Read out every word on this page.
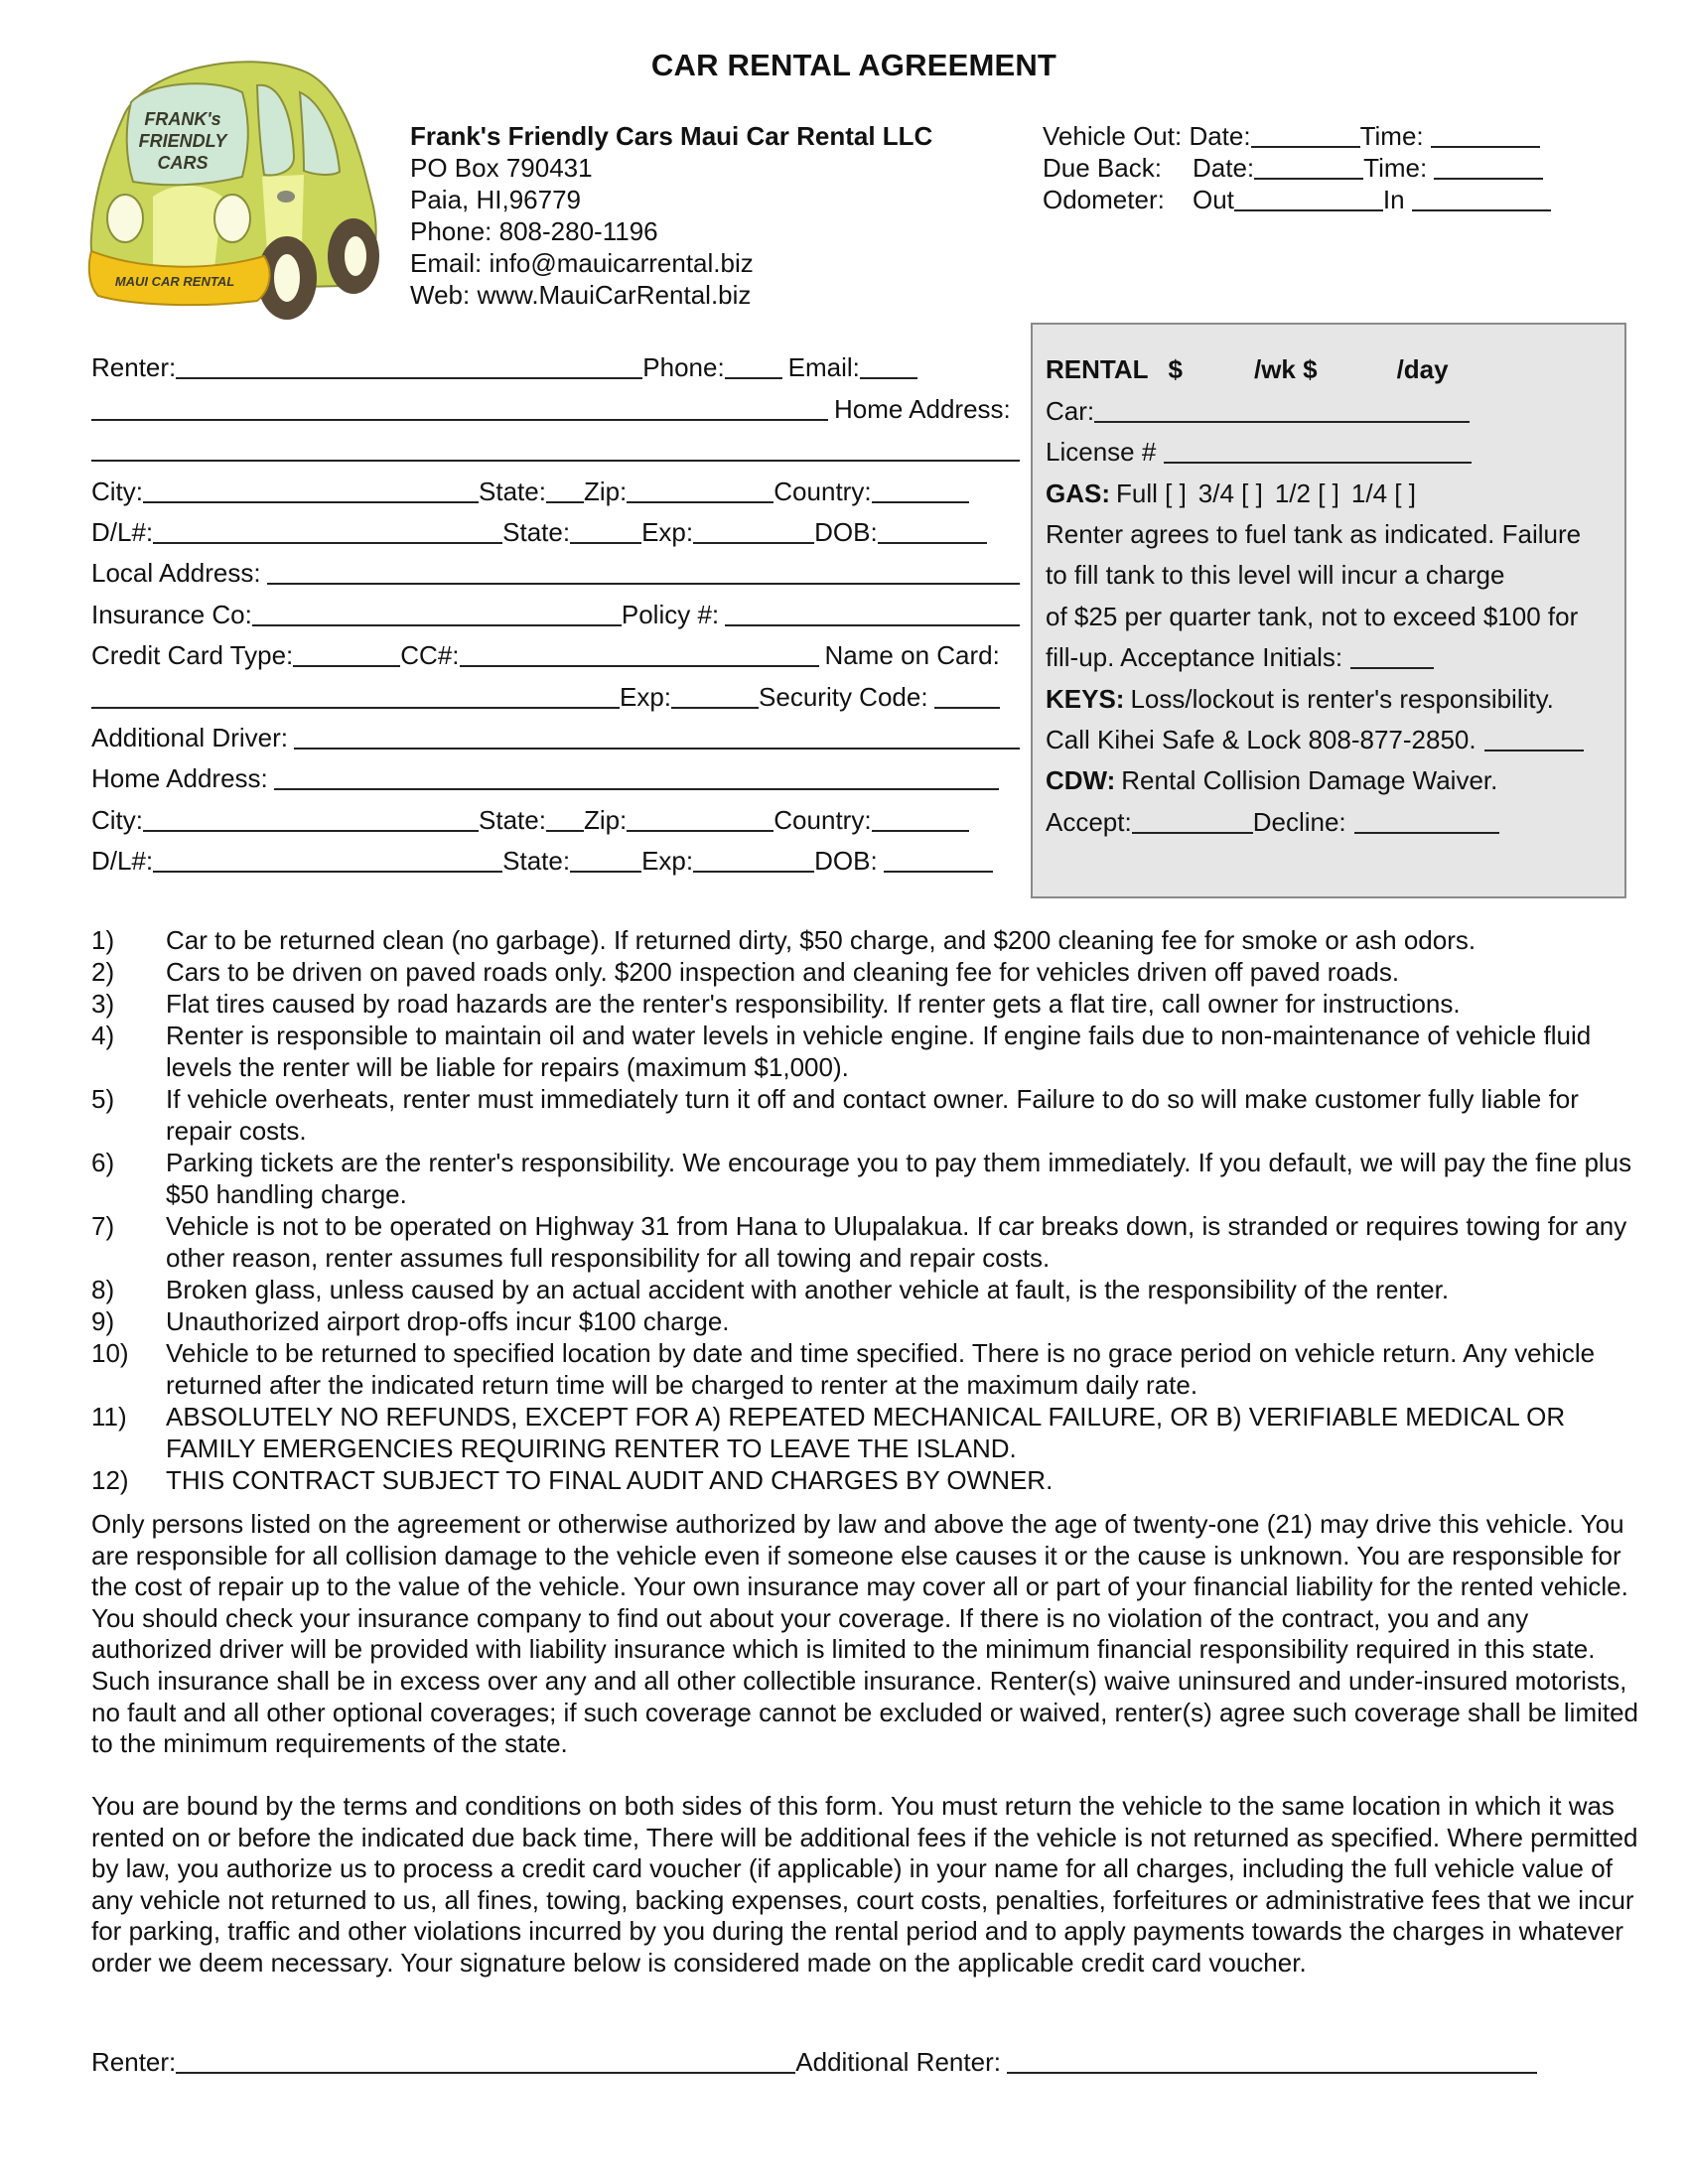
CAR RENTAL AGREEMENT
FRANK's
FRIENDLY
CARS
MAUI CAR RENTAL
Frank's Friendly Cars Maui Car Rental LLC
PO Box 790431
Paia, HI,96779
Phone: 808-280-1196
Email: info@mauicarrental.biz
Web: www.MauiCarRental.biz
Vehicle Out: Date:	Time:
Due Back: Date:	Time:
Odometer: Out	In
RENTAL $	/wk $	/day
Car:
License #
GAS: Full [ ] 3/4 [ ] 1/2 [ ] 1/4 [ ]
Renter agrees to fuel tank as indicated. Failure
to fill tank to this level will incur a charge
of $25 per quarter tank, not to exceed $100 for
fill-up. Acceptance Initials:
KEYS: Loss/lockout is renter's responsibility.
Call Kihei Safe & Lock 808-877-2850.
CDW: Rental Collision Damage Waiver.
Accept:	Decline:
Renter:	Phone: Email:
Home Address:
City:	State: Zip:	Country:
D/L#:	State:	Exp:	DOB:
Local Address:
Insurance Co:	Policy #:
Credit Card Type:	CC#:	Name on Card:
Exp:	Security Code:
Additional Driver:
Home Address:
City:	State: Zip:	Country:
D/L#:	State:	Exp:	DOB:
1)	Car to be returned clean (no garbage). If returned dirty, $50 charge, and $200 cleaning fee for smoke or ash odors.
2)	Cars to be driven on paved roads only. $200 inspection and cleaning fee for vehicles driven off paved roads.
3)	Flat tires caused by road hazards are the renter's responsibility. If renter gets a flat tire, call owner for instructions.
4)	Renter is responsible to maintain oil and water levels in vehicle engine. If engine fails due to non-maintenance of vehicle fluid levels the renter will be liable for repairs (maximum $1,000).
5)	If vehicle overheats, renter must immediately turn it off and contact owner. Failure to do so will make customer fully liable for repair costs.
6)	Parking tickets are the renter's responsibility. We encourage you to pay them immediately. If you default, we will pay the fine plus $50 handling charge.
7)	Vehicle is not to be operated on Highway 31 from Hana to Ulupalakua. If car breaks down, is stranded or requires towing for any other reason, renter assumes full responsibility for all towing and repair costs.
8)	Broken glass, unless caused by an actual accident with another vehicle at fault, is the responsibility of the renter.
9)	Unauthorized airport drop-offs incur $100 charge.
10)	Vehicle to be returned to specified location by date and time specified. There is no grace period on vehicle return. Any vehicle returned after the indicated return time will be charged to renter at the maximum daily rate.
11)	ABSOLUTELY NO REFUNDS, EXCEPT FOR A) REPEATED MECHANICAL FAILURE, OR B) VERIFIABLE MEDICAL OR FAMILY EMERGENCIES REQUIRING RENTER TO LEAVE THE ISLAND.
12)	THIS CONTRACT SUBJECT TO FINAL AUDIT AND CHARGES BY OWNER.
Only persons listed on the agreement or otherwise authorized by law and above the age of twenty-one (21) may drive this vehicle. You are responsible for all collision damage to the vehicle even if someone else causes it or the cause is unknown. You are responsible for the cost of repair up to the value of the vehicle. Your own insurance may cover all or part of your financial liability for the rented vehicle. You should check your insurance company to find out about your coverage. If there is no violation of the contract, you and any authorized driver will be provided with liability insurance which is limited to the minimum financial responsibility required in this state. Such insurance shall be in excess over any and all other collectible insurance. Renter(s) waive uninsured and under-insured motorists, no fault and all other optional coverages; if such coverage cannot be excluded or waived, renter(s) agree such coverage shall be limited to the minimum requirements of the state.
You are bound by the terms and conditions on both sides of this form. You must return the vehicle to the same location in which it was rented on or before the indicated due back time, There will be additional fees if the vehicle is not returned as specified. Where permitted by law, you authorize us to process a credit card voucher (if applicable) in your name for all charges, including the full vehicle value of any vehicle not returned to us, all fines, towing, backing expenses, court costs, penalties, forfeitures or administrative fees that we incur for parking, traffic and other violations incurred by you during the rental period and to apply payments towards the charges in whatever order we deem necessary. Your signature below is considered made on the applicable credit card voucher.
Renter:	Additional Renter:
